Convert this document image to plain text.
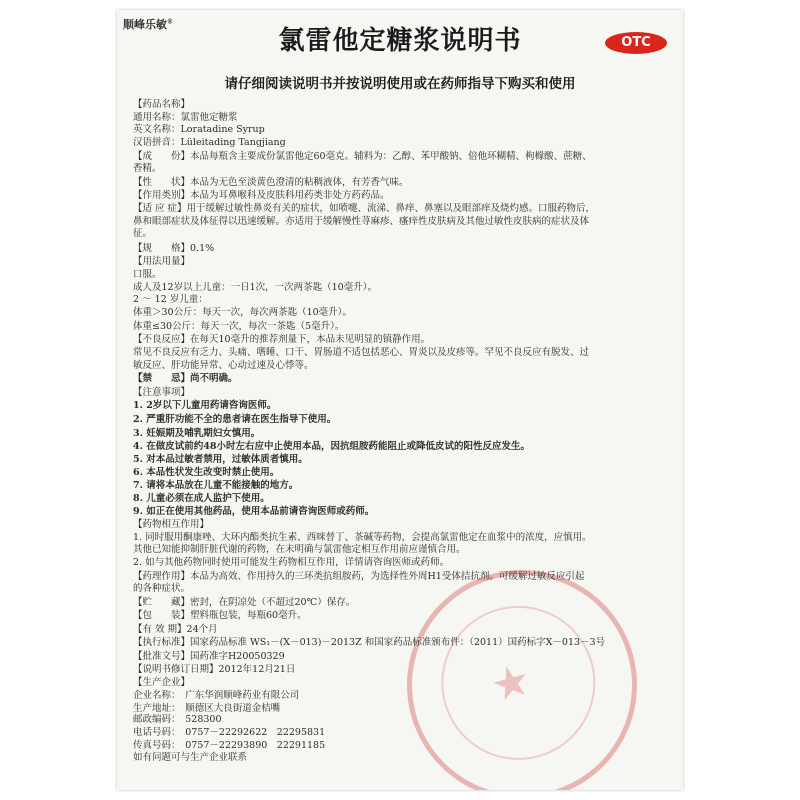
顺峰乐敏®
氯雷他定糖浆说明书	OTC
请仔细阅读说明书并按说明使用或在药师指导下购买和使用
★
【药品名称】
通用名称：氯雷他定糖浆
英文名称：Loratadine Syrup
汉语拼音：Lüleitading Tangjiang
【成　　份】本品每瓶含主要成份氯雷他定60毫克。辅料为：乙醇、苯甲酸钠、倍他环糊精、枸橼酸、蔗糖、
香精。
【性　　状】本品为无色至淡黄色澄清的粘稠液体，有芳香气味。
【作用类别】本品为耳鼻喉科及皮肤科用药类非处方药药品。
【适 应 症】用于缓解过敏性鼻炎有关的症状，如喷嚏、流涕、鼻痒、鼻塞以及眼部痒及烧灼感。口服药物后，
鼻和眼部症状及体征得以迅速缓解。亦适用于缓解慢性荨麻疹、瘙痒性皮肤病及其他过敏性皮肤病的症状及体
征。
【规　　格】0.1%
【用法用量】
口服。
成人及12岁以上儿童：一日1次，一次两茶匙（10毫升）。
2 ～ 12 岁儿童：
体重＞30公斤：每天一次，每次两茶匙（10毫升）。
体重≤30公斤：每天一次，每次一茶匙（5毫升）。
【不良反应】在每天10毫升的推荐剂量下，本品未见明显的镇静作用。
常见不良反应有乏力、头痛、嗜睡、口干、胃肠道不适包括恶心、胃炎以及皮疹等。罕见不良反应有脱发、过
敏反应、肝功能异常、心动过速及心悸等。
【禁　　忌】尚不明确。
【注意事项】
1. 2岁以下儿童用药请咨询医师。
2. 严重肝功能不全的患者请在医生指导下使用。
3. 妊娠期及哺乳期妇女慎用。
4. 在做皮试前约48小时左右应中止使用本品，因抗组胺药能阻止或降低皮试的阳性反应发生。
5. 对本品过敏者禁用，过敏体质者慎用。
6. 本品性状发生改变时禁止使用。
7. 请将本品放在儿童不能接触的地方。
8. 儿童必须在成人监护下使用。
9. 如正在使用其他药品，使用本品前请咨询医师或药师。
【药物相互作用】
1. 同时服用酮康唑、大环内酯类抗生素、西咪替丁、茶碱等药物，会提高氯雷他定在血浆中的浓度，应慎用。
其他已知能抑制肝脏代谢的药物，在未明确与氯雷他定相互作用前应谨慎合用。
2. 如与其他药物同时使用可能发生药物相互作用，详情请咨询医师或药师。
【药理作用】本品为高效、作用持久的三环类抗组胺药，为选择性外周H1受体拮抗剂。可缓解过敏反应引起
的各种症状。
【贮　　藏】密封，在阴凉处（不超过20℃）保存。
【包　　装】塑料瓶包装，每瓶60毫升。
【有 效 期】24个月
【执行标准】国家药品标准 WS₁－(X－013)－2013Z 和国家药品标准颁布件：（2011）国药标字X－013－3号
【批准文号】国药准字H20050329
【说明书修订日期】2012年12月21日
【生产企业】
企业名称：　广东华润顺峰药业有限公司
生产地址：　顺德区大良街道金桔嘴
邮政编码：　528300
电话号码：　0757－22292622　22295831
传真号码：　0757－22293890　22291185
如有问题可与生产企业联系
